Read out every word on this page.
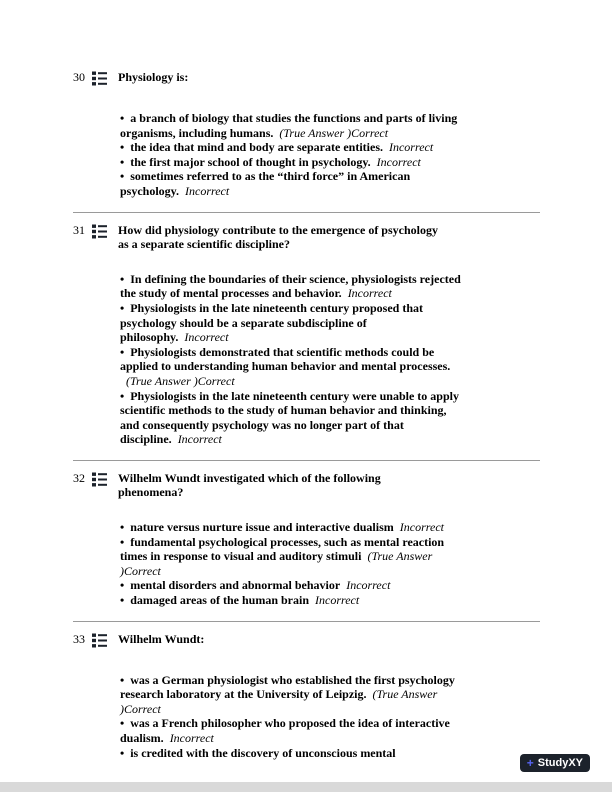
30	Physiology is:
• a branch of biology that studies the functions and parts of living organisms, including humans. (True Answer )Correct
• the idea that mind and body are separate entities. Incorrect
• the first major school of thought in psychology. Incorrect
• sometimes referred to as the “third force” in American psychology. Incorrect
31	How did physiology contribute to the emergence of psychology as a separate scientific discipline?
• In defining the boundaries of their science, physiologists rejected the study of mental processes and behavior. Incorrect
• Physiologists in the late nineteenth century proposed that psychology should be a separate subdiscipline of philosophy. Incorrect
• Physiologists demonstrated that scientific methods could be applied to understanding human behavior and mental processes.(True Answer )Correct
• Physiologists in the late nineteenth century were unable to apply scientific methods to the study of human behavior and thinking, and consequently psychology was no longer part of that discipline. Incorrect
32	Wilhelm Wundt investigated which of the following phenomena?
• nature versus nurture issue and interactive dualism Incorrect
• fundamental psychological processes, such as mental reaction times in response to visual and auditory stimuli (True Answer )Correct
• mental disorders and abnormal behavior Incorrect
• damaged areas of the human brain Incorrect
33	Wilhelm Wundt:
• was a German physiologist who established the first psychology research laboratory at the University of Leipzig. (True Answer )Correct
• was a French philosopher who proposed the idea of interactive dualism. Incorrect
• is credited with the discovery of unconscious mental
+ StudyXY
